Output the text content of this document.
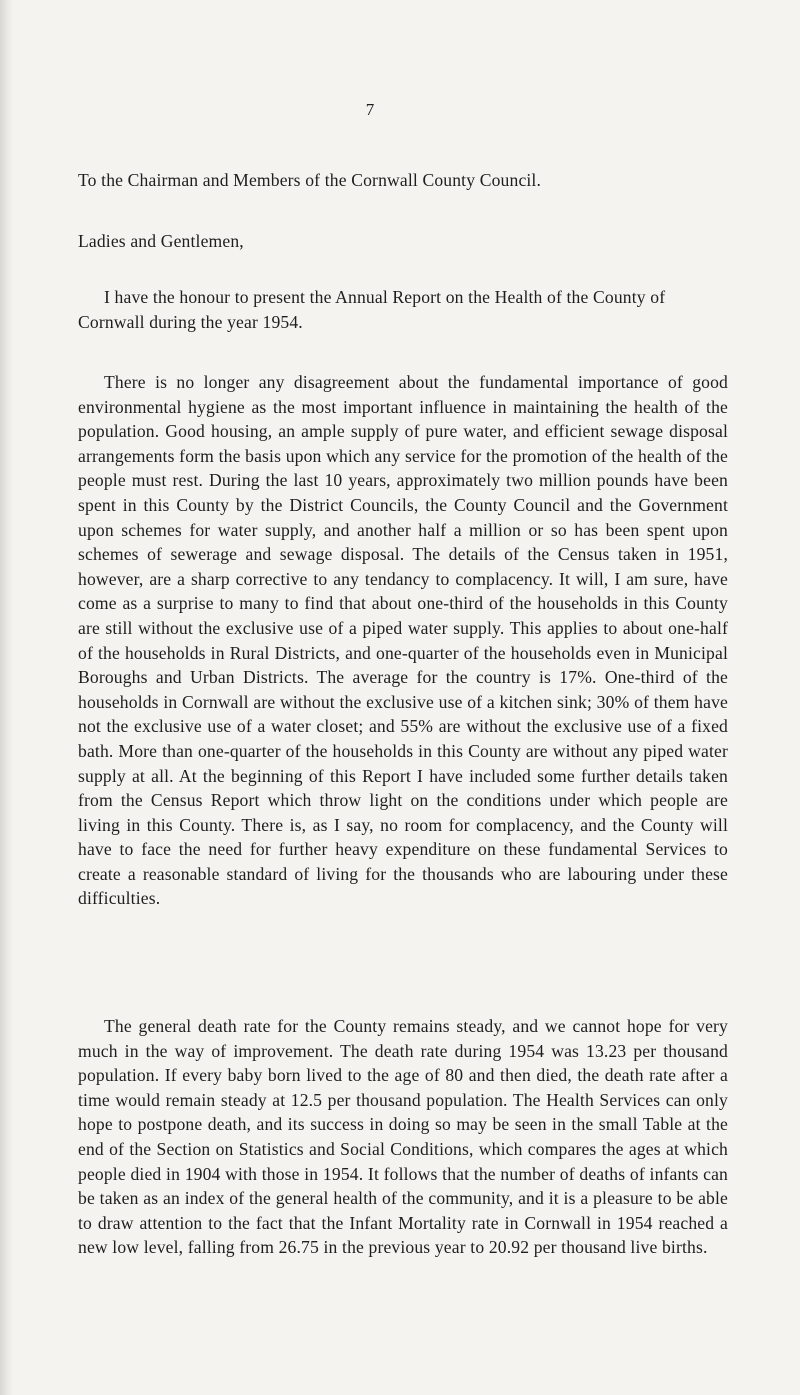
7
To the Chairman and Members of the Cornwall County Council.
Ladies and Gentlemen,
I have the honour to present the Annual Report on the Health of the County of Cornwall during the year 1954.
There is no longer any disagreement about the fundamental importance of good environmental hygiene as the most important influence in maintaining the health of the population. Good housing, an ample supply of pure water, and efficient sewage disposal arrangements form the basis upon which any service for the promotion of the health of the people must rest. During the last 10 years, approximately two million pounds have been spent in this County by the District Councils, the County Council and the Government upon schemes for water supply, and another half a million or so has been spent upon schemes of sewerage and sewage disposal. The details of the Census taken in 1951, however, are a sharp corrective to any tendancy to complacency. It will, I am sure, have come as a surprise to many to find that about one-third of the households in this County are still without the exclusive use of a piped water supply. This applies to about one-half of the households in Rural Districts, and one-quarter of the households even in Municipal Boroughs and Urban Districts. The average for the country is 17%. One-third of the households in Cornwall are without the exclusive use of a kitchen sink; 30% of them have not the exclusive use of a water closet; and 55% are without the exclusive use of a fixed bath. More than one-quarter of the households in this County are without any piped water supply at all. At the beginning of this Report I have included some further details taken from the Census Report which throw light on the conditions under which people are living in this County. There is, as I say, no room for complacency, and the County will have to face the need for further heavy expenditure on these fundamental Services to create a reasonable standard of living for the thousands who are labouring under these difficulties.
The general death rate for the County remains steady, and we cannot hope for very much in the way of improvement. The death rate during 1954 was 13.23 per thousand population. If every baby born lived to the age of 80 and then died, the death rate after a time would remain steady at 12.5 per thousand population. The Health Services can only hope to postpone death, and its success in doing so may be seen in the small Table at the end of the Section on Statistics and Social Conditions, which compares the ages at which people died in 1904 with those in 1954. It follows that the number of deaths of infants can be taken as an index of the general health of the community, and it is a pleasure to be able to draw attention to the fact that the Infant Mortality rate in Cornwall in 1954 reached a new low level, falling from 26.75 in the previous year to 20.92 per thousand live births.
